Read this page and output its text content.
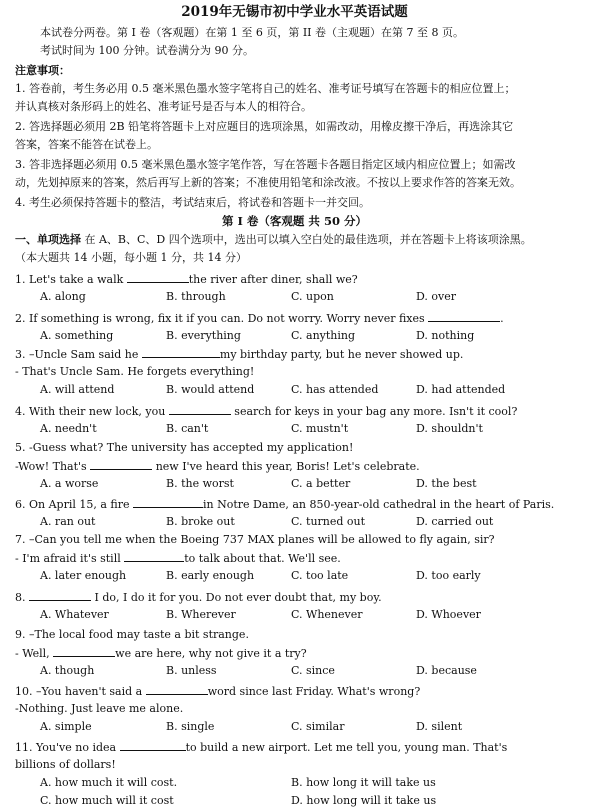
2019年无锡市初中学业水平英语试题
本试卷分两卷。第 I 卷（客观题）在第 1 至 6 页，第 II 卷（主观题）在第 7 至 8 页。
考试时间为 100 分钟。试卷满分为 90 分。
注意事项：
1. 答卷前，考生务必用 0.5 毫米黑色墨水签字笔将自己的姓名、准考证号填写在答题卡的相应位置上；
并认真核对条形码上的姓名、准考证号是否与本人的相符合。
2. 答选择题必须用 2B 铅笔将答题卡上对应题目的选项涂黑，如需改动，用橡皮擦干净后，再选涂其它
答案，答案不能答在试卷上。
3. 答非选择题必须用 0.5 毫米黑色墨水签字笔作答，写在答题卡各题目指定区域内相应位置上；如需改
动，先划掉原来的答案，然后再写上新的答案；不准使用铅笔和涂改液。不按以上要求作答的答案无效。
4. 考生必须保持答题卡的整洁，考试结束后，将试卷和答题卡一并交回。
第 I 卷（客观题 共 50 分）
一、单项选择 在 A、B、C、D 四个选项中，选出可以填入空白处的最佳选项，并在答题卡上将该项涂黑。
（本大题共 14 小题，每小题 1 分，共 14 分）
1. Let's take a walk	the river after diner, shall we?
A. along	B. through	C. upon	D. over
2. If something is wrong, fix it if you can. Do not worry. Worry never fixes	.
A. something	B. everything	C. anything	D. nothing
3. –Uncle Sam said he	my birthday party, but he never showed up.
- That's Uncle Sam. He forgets everything!
A. will attend	B. would attend	C. has attended	D. had attended
4. With their new lock, you	search for keys in your bag any more. Isn't it cool?
A. needn't	B. can't	C. mustn't	D. shouldn't
5. -Guess what? The university has accepted my application!
-Wow! That's	new I've heard this year, Boris! Let's celebrate.
A. a worse	B. the worst	C. a better	D. the best
6. On April 15, a fire	in Notre Dame, an 850-year-old cathedral in the heart of Paris.
A. ran out	B. broke out	C. turned out	D. carried out
7. –Can you tell me when the Boeing 737 MAX planes will be allowed to fly again, sir?
- I'm afraid it's still	to talk about that. We'll see.
A. later enough	B. early enough	C. too late	D. too early
8.	I do, I do it for you. Do not ever doubt that, my boy.
A. Whatever	B. Wherever	C. Whenever	D. Whoever
9. –The local food may taste a bit strange.
- Well,	we are here, why not give it a try?
A. though	B. unless	C. since	D. because
10. –You haven't said a	word since last Friday. What's wrong?
-Nothing. Just leave me alone.
A. simple	B. single	C. similar	D. silent
11. You've no idea	to build a new airport. Let me tell you, young man. That's
billions of dollars!
A. how much it will cost.	B. how long it will take us
C. how much will it cost	D. how long will it take us
